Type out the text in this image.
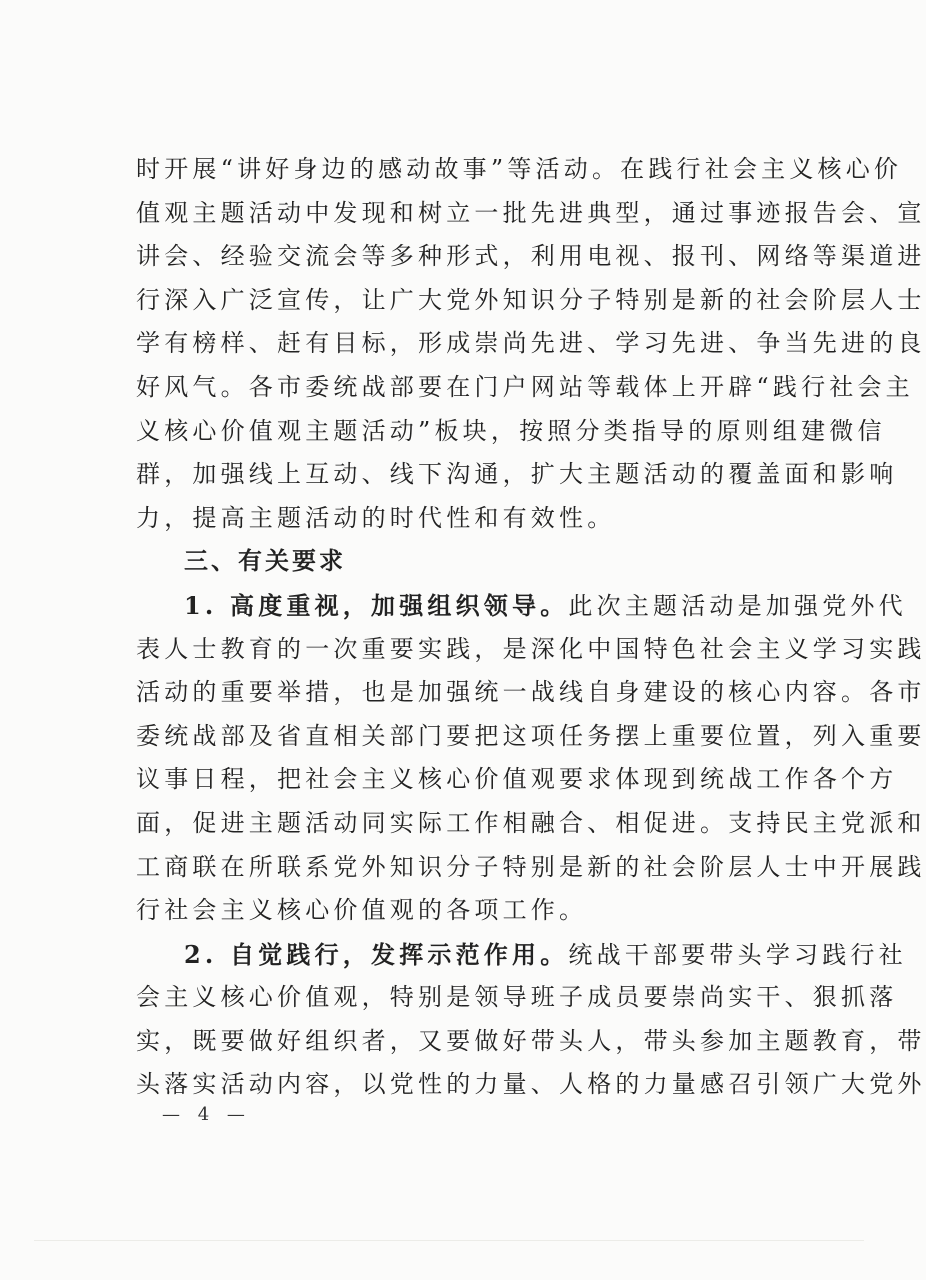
时开展“讲好身边的感动故事”等活动。在践行社会主义核心价
值观主题活动中发现和树立一批先进典型，通过事迹报告会、宣
讲会、经验交流会等多种形式，利用电视、报刊、网络等渠道进
行深入广泛宣传，让广大党外知识分子特别是新的社会阶层人士
学有榜样、赶有目标，形成崇尚先进、学习先进、争当先进的良
好风气。各市委统战部要在门户网站等载体上开辟“践行社会主
义核心价值观主题活动”板块，按照分类指导的原则组建微信
群，加强线上互动、线下沟通，扩大主题活动的覆盖面和影响
力，提高主题活动的时代性和有效性。
三、有关要求
1. 高度重视，加强组织领导。此次主题活动是加强党外代
表人士教育的一次重要实践，是深化中国特色社会主义学习实践
活动的重要举措，也是加强统一战线自身建设的核心内容。各市
委统战部及省直相关部门要把这项任务摆上重要位置，列入重要
议事日程，把社会主义核心价值观要求体现到统战工作各个方
面，促进主题活动同实际工作相融合、相促进。支持民主党派和
工商联在所联系党外知识分子特别是新的社会阶层人士中开展践
行社会主义核心价值观的各项工作。
2. 自觉践行，发挥示范作用。统战干部要带头学习践行社
会主义核心价值观，特别是领导班子成员要崇尚实干、狠抓落
实，既要做好组织者，又要做好带头人，带头参加主题教育，带
头落实活动内容，以党性的力量、人格的力量感召引领广大党外
— 4 —
